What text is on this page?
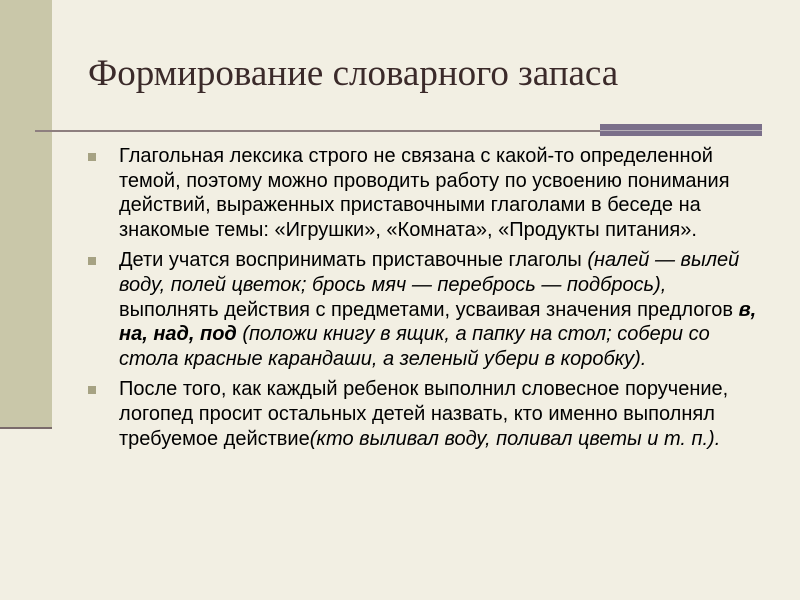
Формирование словарного запаса
Глагольная лексика строго не связана с какой-то определенной темой, поэтому можно проводить работу по усвоению понимания действий, выраженных приставочными глаголами в беседе на знакомые темы: «Игрушки», «Комната», «Продукты питания».
Дети учатся воспринимать приставочные глаголы (налей — вылей воду, полей цветок; брось мяч — перебрось — подбрось), выполнять действия с предметами, усваивая значения предлогов в, на, над, под (положи книгу в ящик, а папку на стол; собери со стола красные карандаши, а зеленый убери в коробку).
После того, как каждый ребенок выполнил словесное поручение, логопед просит остальных детей назвать, кто именно выполнял требуемое действие(кто выливал воду, поливал цветы и т. п.).
